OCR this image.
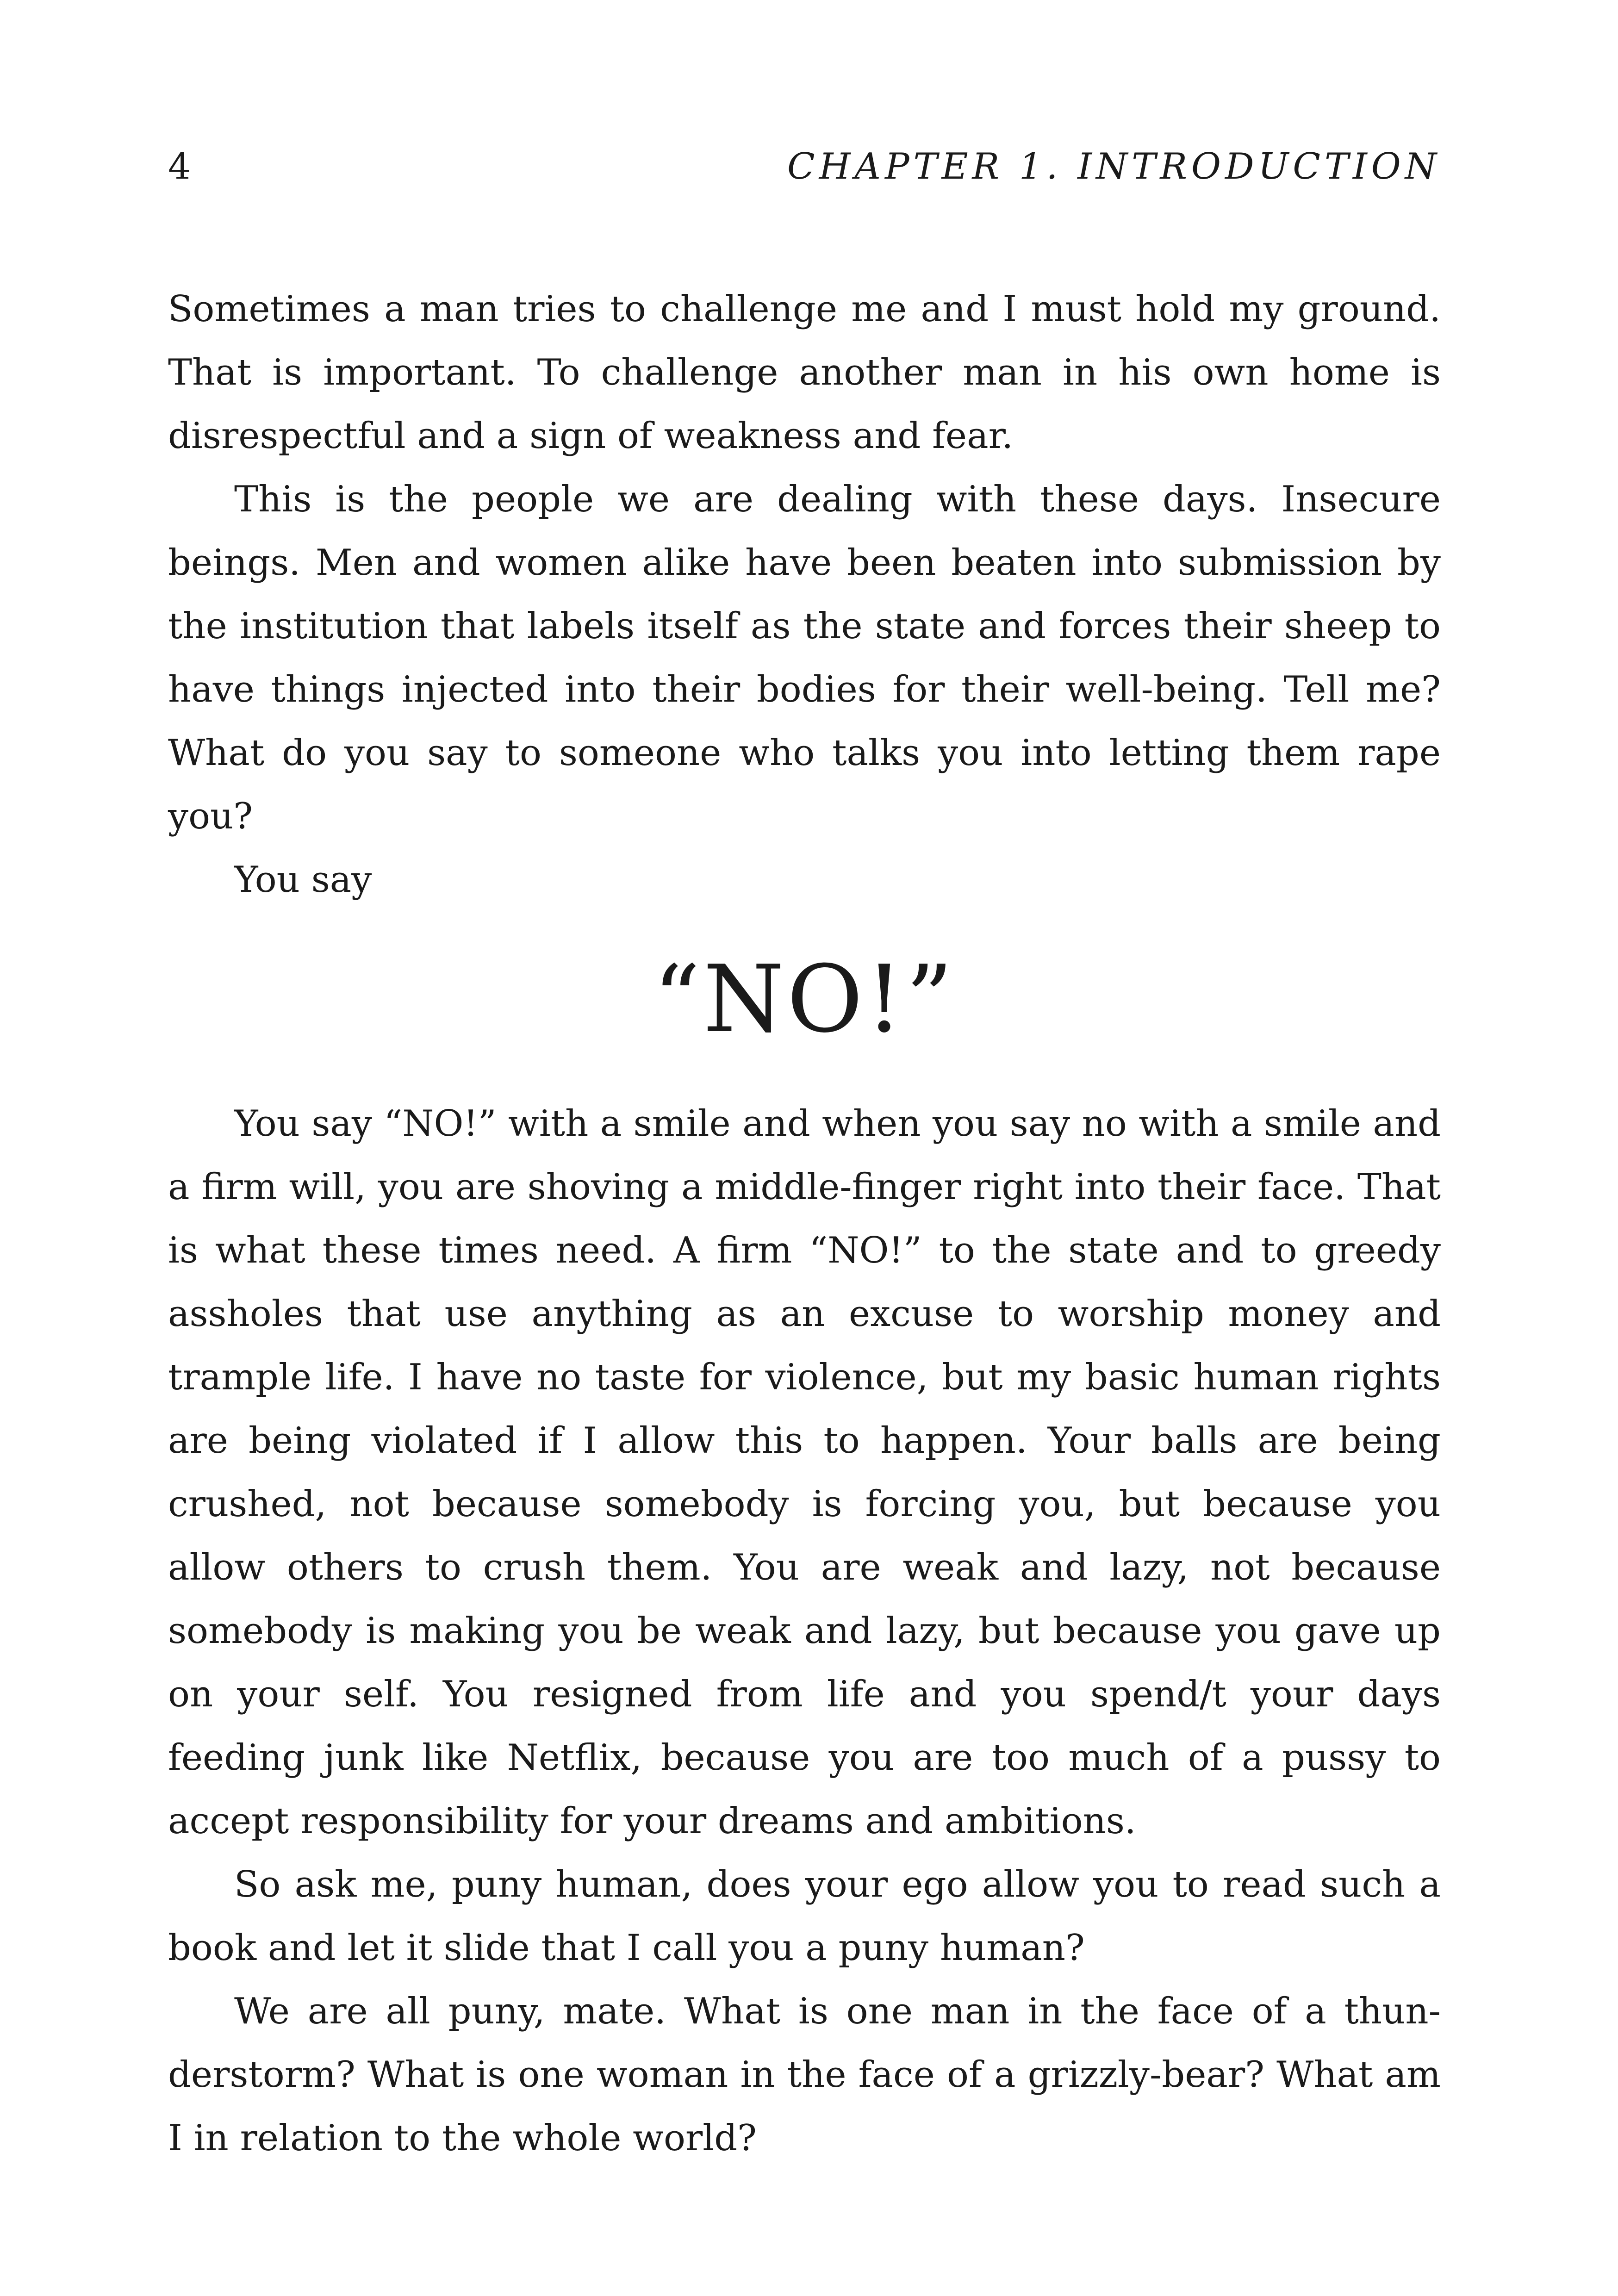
4	CHAPTER 1. INTRODUCTION

Sometimes a man tries to challenge me and I must hold my ground. That is important. To challenge another man in his own home is disrespectful and a sign of weakness and fear.

This is the people we are dealing with these days. Insecure beings. Men and women alike have been beaten into submission by the institution that labels itself as the state and forces their sheep to have things injected into their bodies for their well-being. Tell me? What do you say to someone who talks you into letting them rape you?

You say

“NO!”

You say “NO!” with a smile and when you say no with a smile and a firm will, you are shoving a middle-finger right into their face. That is what these times need. A firm “NO!” to the state and to greedy assholes that use anything as an excuse to worship money and trample life. I have no taste for violence, but my basic human rights are being violated if I allow this to happen. Your balls are being crushed, not because somebody is forcing you, but because you allow others to crush them. You are weak and lazy, not because somebody is making you be weak and lazy, but because you gave up on your self. You resigned from life and you spend/t your days feeding junk like Netflix, because you are too much of a pussy to accept responsibility for your dreams and ambitions.

So ask me, puny human, does your ego allow you to read such a book and let it slide that I call you a puny human?

We are all puny, mate. What is one man in the face of a thunderstorm? What is one woman in the face of a grizzly-bear? What am I in relation to the whole world?
